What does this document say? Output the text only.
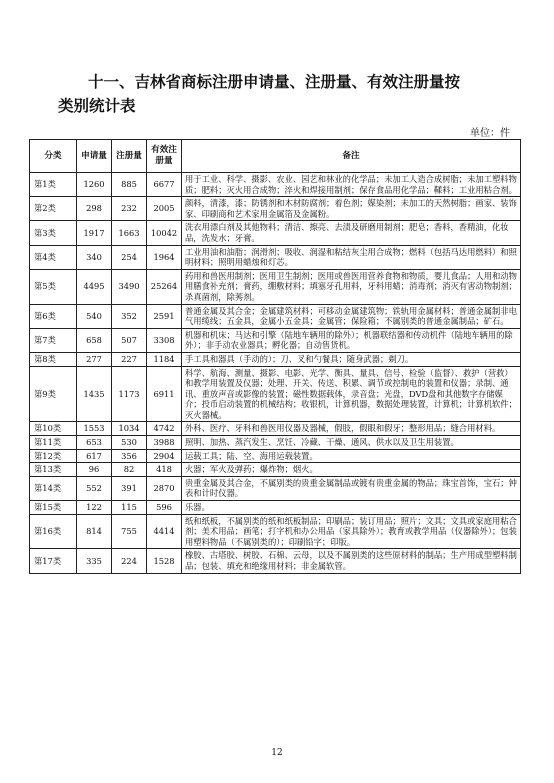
十一、吉林省商标注册申请量、注册量、有效注册量按
类别统计表
单位：件
分类	申请量	注册量	有效注册量	备注
第1类	1260	885	6677	用于工业、科学、摄影、农业、园艺和林业的化学品；未加工人造合成树脂；未加工塑料物质；肥料；灭火用合成物；淬火和焊接用制剂；保存食品用化学品；鞣料；工业用粘合剂。
第2类	298	232	2005	颜料，清漆，漆；防锈剂和木材防腐剂；着色剂；媒染剂；未加工的天然树脂；画家、装饰家、印刷商和艺术家用金属箔及金属粉。
第3类	1917	1663	10042	洗衣用漂白剂及其他物料；清洁、擦亮、去渍及研磨用制剂；肥皂；香料，香精油，化妆品，洗发水；牙膏。
第4类	340	254	1964	工业用油和油脂；润滑剂；吸收、润湿和粘结灰尘用合成物；燃料（包括马达用燃料）和照明材料；照明用蜡烛和灯芯。
第5类	4495	3490	25264	药用和兽医用制剂；医用卫生制剂；医用或兽医用营养食物和物质，婴儿食品；人用和动物用膳食补充剂；膏药，绷敷材料；填塞牙孔用料，牙科用蜡；消毒剂；消灭有害动物制剂；杀真菌剂，除莠剂。
第6类	540	352	2591	普通金属及其合金；金属建筑材料；可移动金属建筑物；铁轨用金属材料；普通金属制非电气用缆线；五金具，金属小五金具；金属管；保险箱；不属别类的普通金属制品；矿石。
第7类	658	507	3308	机器和机床；马达和引擎（陆地车辆用的除外）；机器联结器和传动机件（陆地车辆用的除外）；非手动农业器具；孵化器；自动售货机。
第8类	277	227	1184	手工具和器具（手动的）；刀、叉和勺餐具；随身武器；剃刀。
第9类	1435	1173	6911	科学、航海、测量、摄影、电影、光学、衡具、量具、信号、检验（监督）、救护（营救）和教学用装置及仪器；处理、开关、传送、积累、调节或控制电的装置和仪器；录制、通讯、重放声音或影像的装置；磁性数据载体，录音盘；光盘，DVD盘和其他数字存储媒介；投币启动装置的机械结构；收银机，计算机器，数据处理装置，计算机；计算机软件；灭火器械。
第10类	1553	1034	4742	外科、医疗、牙科和兽医用仪器及器械，假肢，假眼和假牙；整形用品；缝合用材料。
第11类	653	530	3988	照明、加热、蒸汽发生、烹饪、冷藏、干燥、通风、供水以及卫生用装置。
第12类	617	356	2904	运载工具；陆、空、海用运载装置。
第13类	96	82	418	火器；军火及弹药；爆炸物；烟火。
第14类	552	391	2870	贵重金属及其合金，不属别类的贵重金属制品或镀有贵重金属的物品；珠宝首饰，宝石；钟表和计时仪器。
第15类	122	115	596	乐器。
第16类	814	755	4414	纸和纸板，不属别类的纸和纸板制品；印刷品；装订用品；照片；文具；文具或家庭用粘合剂；美术用品；画笔；打字机和办公用品（家具除外）；教育或教学用品（仪器除外）；包装用塑料物品（不属别类的）；印刷铅字；印版。
第17类	335	224	1528	橡胶、古塔胶、树胶、石棉、云母，以及不属别类的这些原材料的制品；生产用成型塑料制品；包装、填充和绝缘用材料；非金属软管。
12
